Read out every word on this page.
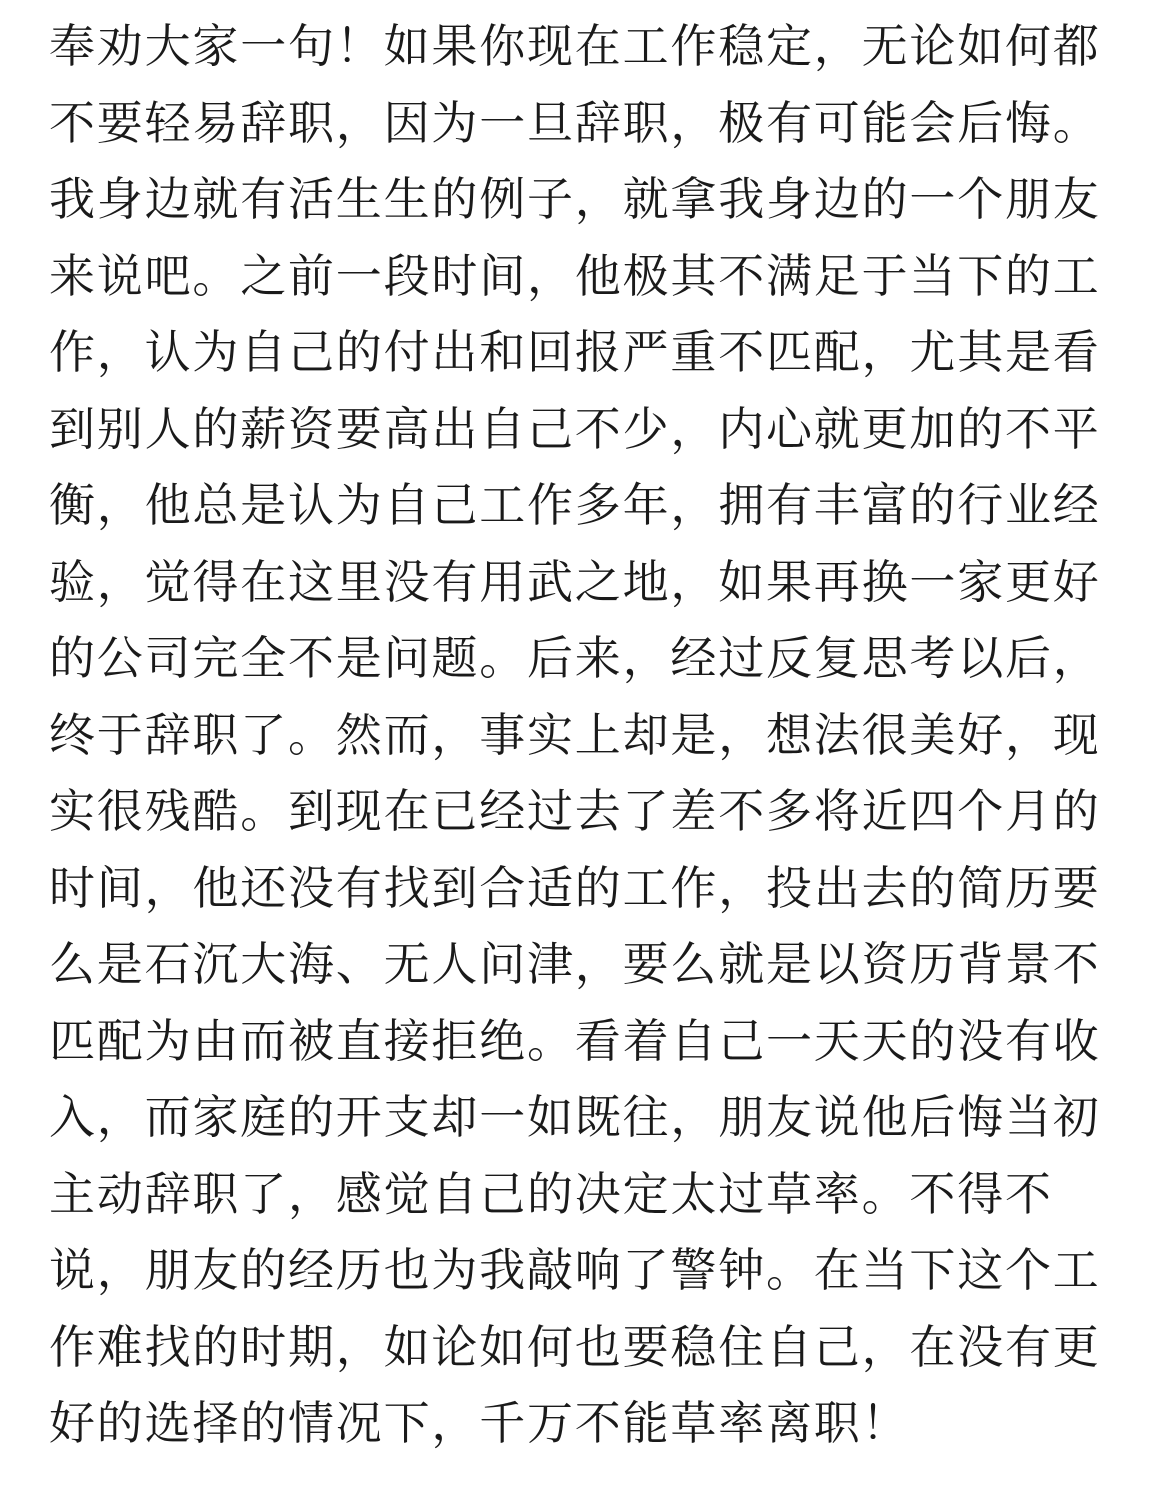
奉劝大家一句！如果你现在工作稳定，无论如何都
不要轻易辞职，因为一旦辞职，极有可能会后悔。
我身边就有活生生的例子，就拿我身边的一个朋友
来说吧。之前一段时间，他极其不满足于当下的工
作，认为自己的付出和回报严重不匹配，尤其是看
到别人的薪资要高出自己不少，内心就更加的不平
衡，他总是认为自己工作多年，拥有丰富的行业经
验，觉得在这里没有用武之地，如果再换一家更好
的公司完全不是问题。后来，经过反复思考以后，
终于辞职了。然而，事实上却是，想法很美好，现
实很残酷。到现在已经过去了差不多将近四个月的
时间，他还没有找到合适的工作，投出去的简历要
么是石沉大海、无人问津，要么就是以资历背景不
匹配为由而被直接拒绝。看着自己一天天的没有收
入，而家庭的开支却一如既往，朋友说他后悔当初
主动辞职了，感觉自己的决定太过草率。不得不
说，朋友的经历也为我敲响了警钟。在当下这个工
作难找的时期，如论如何也要稳住自己，在没有更
好的选择的情况下，千万不能草率离职！
